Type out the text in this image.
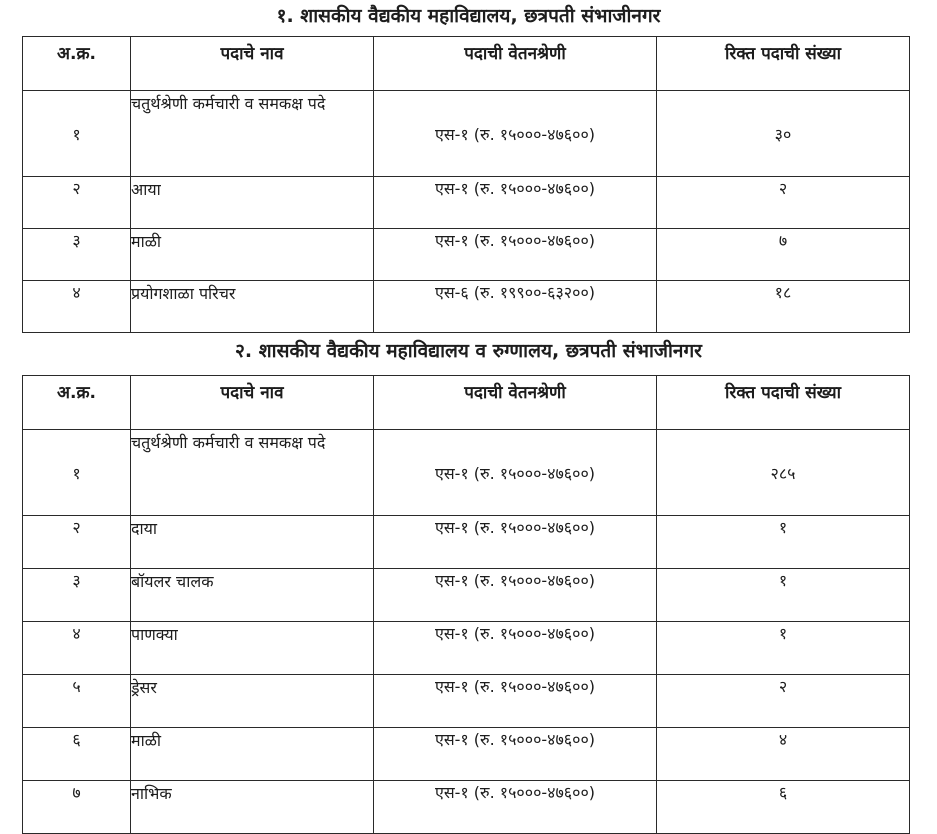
१. शासकीय वैद्यकीय महाविद्यालय, छत्रपती संभाजीनगर
अ.क्र.	पदाचे नाव	पदाची वेतनश्रेणी	रिक्त पदाची संख्या
१	चतुर्थश्रेणी कर्मचारी व समकक्ष पदे	एस-१ (रु. १५०००-४७६००)	३०
२	आया	एस-१ (रु. १५०००-४७६००)	२
३	माळी	एस-१ (रु. १५०००-४७६००)	७
४	प्रयोगशाळा परिचर	एस-६ (रु. १९९००-६३२००)	१८
२. शासकीय वैद्यकीय महाविद्यालय व रुग्णालय, छत्रपती संभाजीनगर
अ.क्र.	पदाचे नाव	पदाची वेतनश्रेणी	रिक्त पदाची संख्या
१	चतुर्थश्रेणी कर्मचारी व समकक्ष पदे	एस-१ (रु. १५०००-४७६००)	२८५
२	दाया	एस-१ (रु. १५०००-४७६००)	१
३	बॉयलर चालक	एस-१ (रु. १५०००-४७६००)	१
४	पाणक्या	एस-१ (रु. १५०००-४७६००)	१
५	ड्रेसर	एस-१ (रु. १५०००-४७६००)	२
६	माळी	एस-१ (रु. १५०००-४७६००)	४
७	नाभिक	एस-१ (रु. १५०००-४७६००)	६
